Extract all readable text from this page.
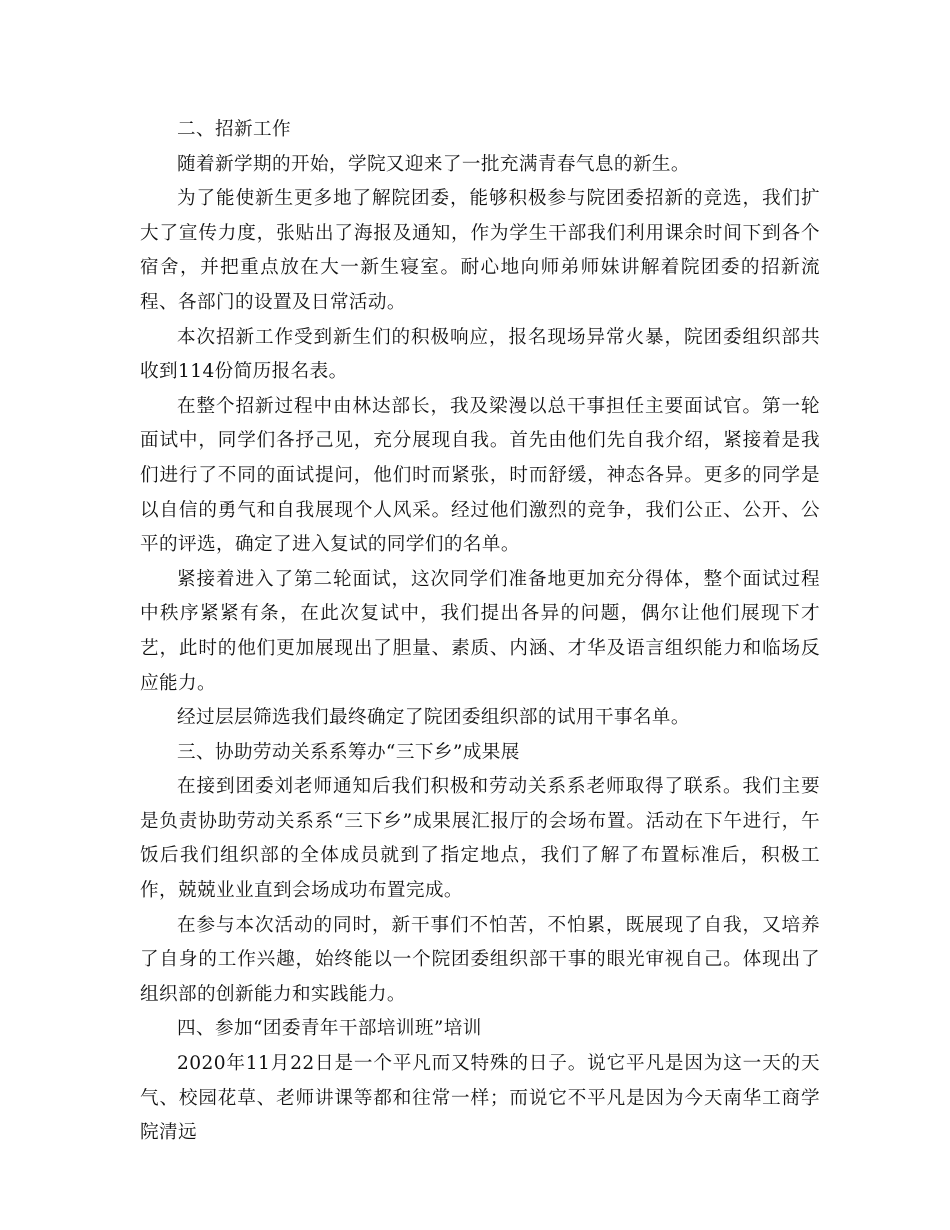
二、招新工作

随着新学期的开始，学院又迎来了一批充满青春气息的新生。

为了能使新生更多地了解院团委，能够积极参与院团委招新的竞选，我们扩大了宣传力度，张贴出了海报及通知，作为学生干部我们利用课余时间下到各个宿舍，并把重点放在大一新生寝室。耐心地向师弟师妹讲解着院团委的招新流程、各部门的设置及日常活动。

本次招新工作受到新生们的积极响应，报名现场异常火暴，院团委组织部共收到114份简历报名表。

在整个招新过程中由林达部长，我及梁漫以总干事担任主要面试官。第一轮面试中，同学们各抒己见，充分展现自我。首先由他们先自我介绍，紧接着是我们进行了不同的面试提问，他们时而紧张，时而舒缓，神态各异。更多的同学是以自信的勇气和自我展现个人风采。经过他们激烈的竞争，我们公正、公开、公平的评选，确定了进入复试的同学们的名单。

紧接着进入了第二轮面试，这次同学们准备地更加充分得体，整个面试过程中秩序紧紧有条，在此次复试中，我们提出各异的问题，偶尔让他们展现下才艺，此时的他们更加展现出了胆量、素质、内涵、才华及语言组织能力和临场反应能力。

经过层层筛选我们最终确定了院团委组织部的试用干事名单。

三、协助劳动关系系筹办“三下乡”成果展

在接到团委刘老师通知后我们积极和劳动关系系老师取得了联系。我们主要是负责协助劳动关系系“三下乡”成果展汇报厅的会场布置。活动在下午进行，午饭后我们组织部的全体成员就到了指定地点，我们了解了布置标准后，积极工作，兢兢业业直到会场成功布置完成。

在参与本次活动的同时，新干事们不怕苦，不怕累，既展现了自我，又培养了自身的工作兴趣，始终能以一个院团委组织部干事的眼光审视自己。体现出了组织部的创新能力和实践能力。

四、参加“团委青年干部培训班”培训

2020年11月22日是一个平凡而又特殊的日子。说它平凡是因为这一天的天气、校园花草、老师讲课等都和往常一样；而说它不平凡是因为今天南华工商学院清远
